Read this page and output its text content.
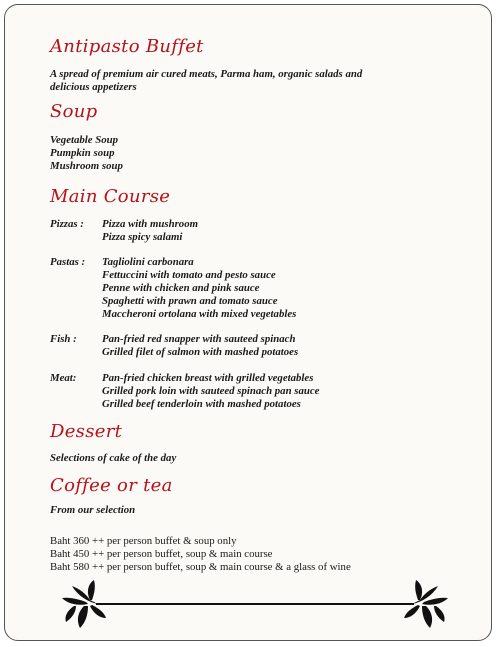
Antipasto Buffet

A spread of premium air cured meats, Parma ham, organic salads and

delicious appetizers

Soup
Vegetable Soup
Pumpkin soup
Mushroom soup
Main Course
Pizzas : Pizza with mushroom
Pizza spicy salami
Pastas : Tagliolini carbonara
Fettuccini with tomato and pesto sauce
Penne with chicken and pink sauce
Spaghetti with prawn and tomato sauce
Maccheroni ortolana with mixed vegetables
Fish : Pan-fried red snapper with sauteed spinach
Grilled filet of salmon with mashed potatoes
Meat: Pan-fried chicken breast with grilled vegetables
Grilled pork loin with sauteed spinach pan sauce
Grilled beef tenderloin with mashed potatoes
Dessert

Selections of cake of the day

Coffee or tea

From our selection

Baht 360 ++ per person buffet & soup only
Baht 450 ++ per person buffet, soup & main course
Baht 580 ++ per person buffet, soup & main course & a glass of wine
